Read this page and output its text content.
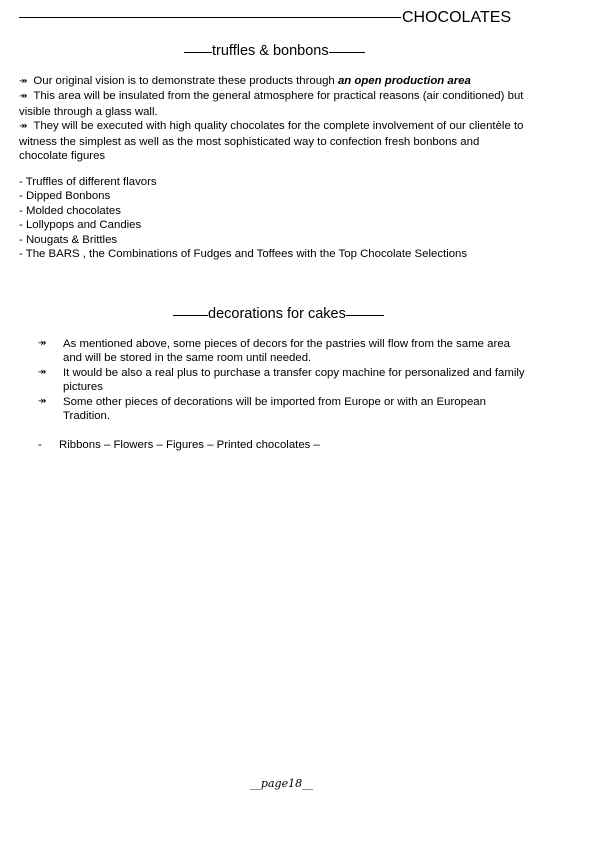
CHOCOLATES
truffles & bonbons

↠ Our original vision is to demonstrate these products through an open production area

↠ This area will be insulated from the general atmosphere for practical reasons (air conditioned) but visible through a glass wall.

↠ They will be executed with high quality chocolates for the complete involvement of our clientèle to witness the simplest as well as the most sophisticated way to confection fresh bonbons and chocolate figures

- Truffles of different flavors
- Dipped Bonbons
- Molded chocolates
- Lollypops and Candies
- Nougats & Brittles
- The BARS , the Combinations of Fudges and Toffees with the Top Chocolate Selections
decorations for cakes
↠ As mentioned above, some pieces of decors for the pastries will flow from the same area and will be stored in the same room until needed.
↠ It would be also a real plus to purchase a transfer copy machine for personalized and family pictures
↠ Some other pieces of decorations will be imported from Europe or with an European Tradition.
- Ribbons – Flowers – Figures – Printed chocolates –
__page18__
